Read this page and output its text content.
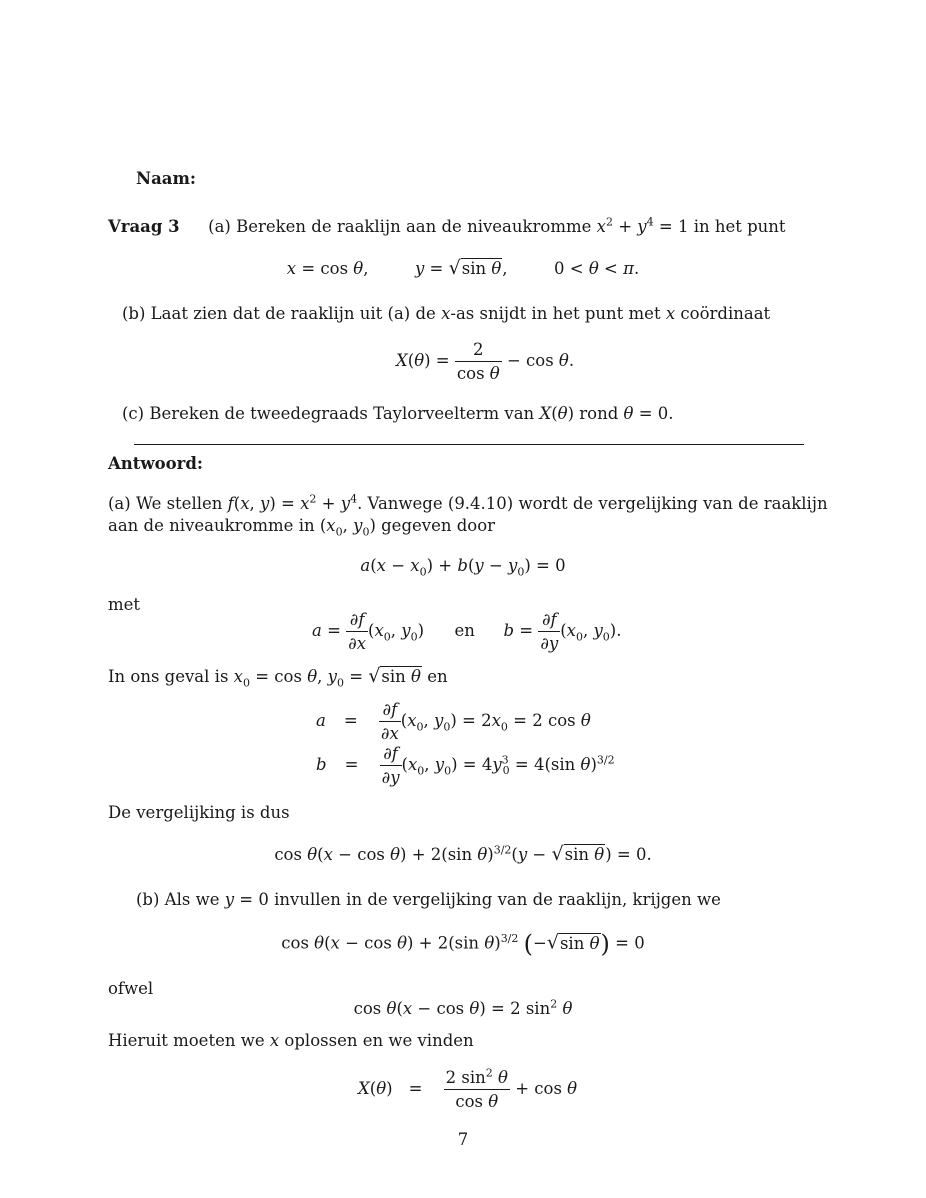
Naam:
Vraag 3 (a) Bereken de raaklijn aan de niveaukromme $x^2 + y^4 = 1$ in het punt
x = cos θ,	y = √sin θ,  0 < θ < π.
(b) Laat zien dat de raaklijn uit (a) de x-as snijdt in het punt met x coördinaat
$X(\theta) = \frac{2}{\text{cos θ}} - \cos \theta$.
(c) Bereken de tweedegraads Taylorveelterm van X(θ) rond θ = 0.
Antwoord:
(a) We stellen f(x, $y) = x^2 + y^4$. Vanwege (9.4.10) wordt de vergelijking van de raaklijn
aan de niveaukromme in ($x_0$, $y_0$) gegeven door
$a(x - x_0) + b(y - y_0) = 0$
met
$a = \frac{\partial f}{\partial x} (x_0$, $y_0$)  en $b = \frac{\partial f}{\partial y} (x_0$, $y_0$).
In ons geval is $x_0 = \cos \theta$, $y_0 = √\sin$ θ en
$a = \frac{\partial f}{\partial x} (x_0$, $y_0) = 2x_0 = 2$ cos θ
$b = \frac{\partial f}{\partial y} (x_0$, $y_0) = 4y^3_0 = 4(\sin$ θ)$^{3/2}$
De vergelijking is dus
cos θ(x − cos θ) + 2(sin θ)$^{3/2}$(y − √sin θ) = 0.
(b) Als we y = 0 invullen in de vergelijking van de raaklijn, krijgen we
cos θ(x − cos θ) + 2(sin θ)$^{3/2}$ (−√sin θ) = 0
ofwel
cos θ(x − cos θ) = 2 $\sin^2 \theta$
Hieruit moeten we x oplossen en we vinden
$X(\theta) = \frac{2 \sin^2 \theta}{\text{cos θ}} + \cos \theta$
7
